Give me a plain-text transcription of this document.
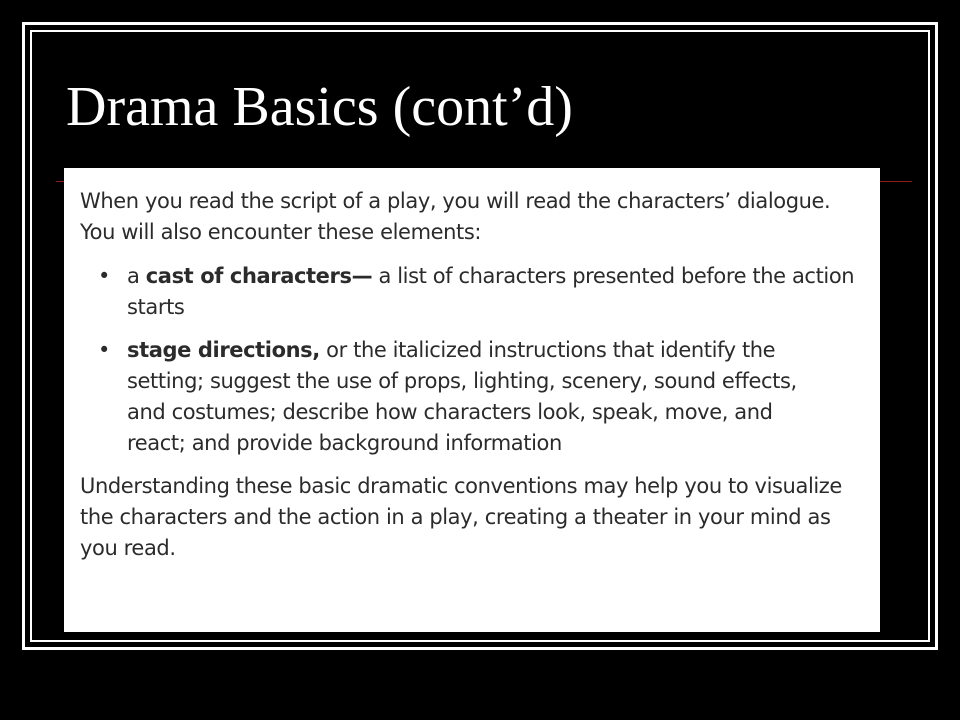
Drama Basics (cont’d)

When you read the script of a play, you will read the characters’ dialogue.
You will also encounter these elements:

• a cast of characters— a list of characters presented before the action
starts
• stage directions, or the italicized instructions that identify the
setting; suggest the use of props, lighting, scenery, sound effects,
and costumes; describe how characters look, speak, move, and
react; and provide background information

Understanding these basic dramatic conventions may help you to visualize
the characters and the action in a play, creating a theater in your mind as
you read.
